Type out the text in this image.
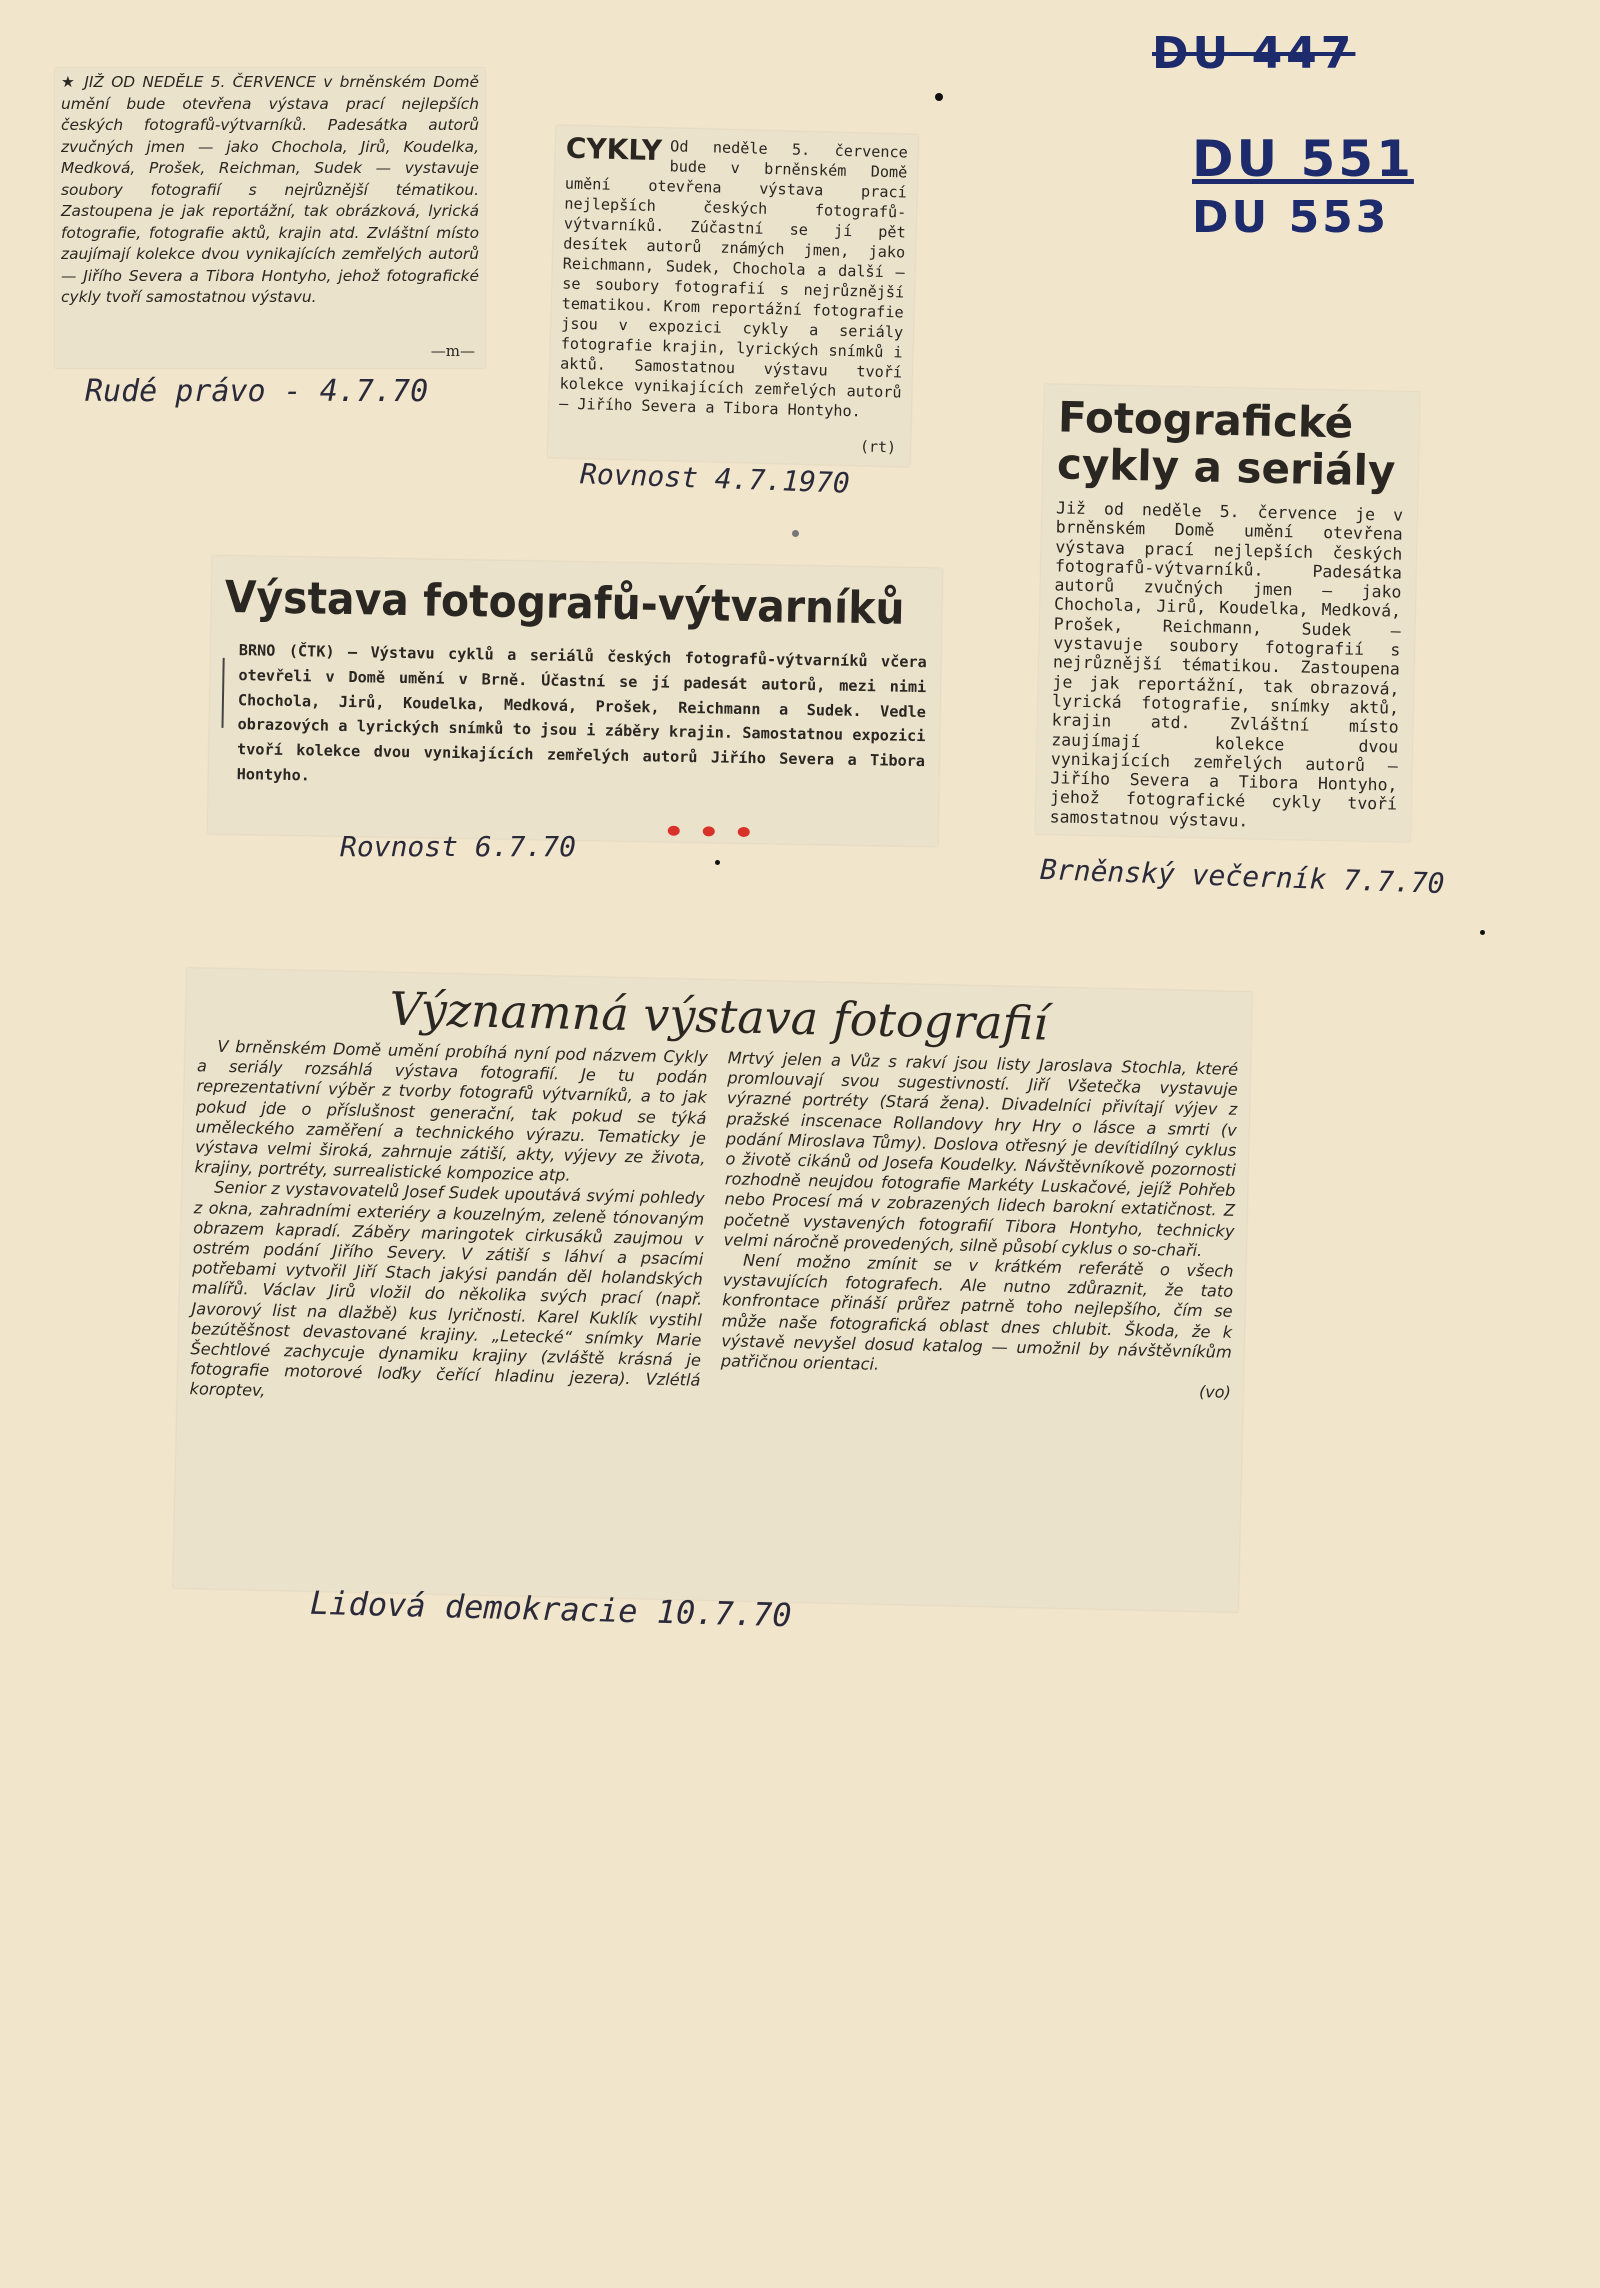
DU 447
DU 551
DU 553

★ JIŽ OD NEDĚLE 5. ČERVENCE v brněnském Domě umění bude otevřena výstava prací nejlepších českých fotografů-výtvarníků. Padesátka autorů zvučných jmen — jako Chochola, Jirů, Koudelka, Medková, Prošek, Reichman, Sudek — vystavuje soubory fotografií s nejrůznější tématikou. Zastoupena je jak reportážní, tak obrázková, lyrická fotografie, fotografie aktů, krajin atd. Zvláštní místo zaujímají kolekce dvou vynikajících zemřelých autorů — Jiřího Severa a Tibora Hontyho, jehož fotografické cykly tvoří samostatnou výstavu.

—m—
Rudé právo - 4.7.70

CYKLY Od neděle 5. července bude v brněnském Domě umění otevřena výstava prací nejlepších českých fotografů-výtvarníků. Zúčastní se jí pět desítek autorů známých jmen, jako Reichmann, Sudek, Chochola a další — se soubory fotografií s nejrůznější tematikou. Krom reportážní fotografie jsou v expozici cykly a seriály fotografie krajin, lyrických snímků i aktů. Samostatnou výstavu tvoří kolekce vynikajících zemřelých autorů — Jiřího Severa a Tibora Hontyho.

(rt)
Rovnost 4.7.1970
Fotografické
cykly a seriály

Již od neděle 5. července je v brněnském Domě umění otevřena výstava prací nejlepších českých fotografů-výtvarníků. Padesátka autorů zvučných jmen — jako Chochola, Jirů, Koudelka, Medková, Prošek, Reichmann, Sudek — vystavuje soubory fotografií s nejrůznější tématikou. Zastoupena je jak reportážní, tak obrazová, lyrická fotografie, snímky aktů, krajin atd. Zvláštní místo zaujímají kolekce dvou vynikajících zemřelých autorů — Jiřího Severa a Tibora Hontyho, jehož fotografické cykly tvoří samostatnou výstavu.

Brněnský večerník 7.7.70
Výstava fotografů-výtvarníků

BRNO (ČTK) — Výstavu cyklů a seriálů českých fotografů-výtvarníků včera otevřeli v Domě umění v Brně. Účastní se jí padesát autorů, mezi nimi Chochola, Jirů, Koudelka, Medková, Prošek, Reichmann a Sudek. Vedle obrazových a lyrických snímků to jsou i záběry krajin. Samostatnou expozici tvoří kolekce dvou vynikajících zemřelých autorů Jiřího Severa a Tibora Hontyho.

Rovnost 6.7.70
Významná výstava fotografií

V brněnském Domě umění probíhá nyní pod názvem Cykly a seriály rozsáhlá výstava fotografií. Je tu podán reprezentativní výběr z tvorby fotografů výtvarníků, a to jak pokud jde o příslušnost generační, tak pokud se týká uměleckého zaměření a technického výrazu. Tematicky je výstava velmi široká, zahrnuje zátiší, akty, výjevy ze života, krajiny, portréty, surrealistické kompozice atp.

Senior z vystavovatelů Josef Sudek upoutává svými pohledy z okna, zahradními exteriéry a kouzelným, zeleně tónovaným obrazem kapradí. Záběry maringotek cirkusáků zaujmou v ostrém podání Jiřího Severy. V zátiší s láhví a psacími potřebami vytvořil Jiří Stach jakýsi pandán děl holandských malířů. Václav Jirů vložil do několika svých prací (např. Javorový list na dlažbě) kus lyričnosti. Karel Kuklík vystihl bezútěšnost devastované krajiny. „Letecké“ snímky Marie Šechtlové zachycuje dynamiku krajiny (zvláště krásná je fotografie motorové loďky čeřící hladinu jezera). Vzlétlá koroptev,

Mrtvý jelen a Vůz s rakví jsou listy Jaroslava Stochla, které promlouvají svou sugestivností. Jiří Všetečka vystavuje výrazné portréty (Stará žena). Divadelníci přivítají výjev z pražské inscenace Rollandovy hry Hry o lásce a smrti (v podání Miroslava Tůmy). Doslova otřesný je devítidílný cyklus o životě cikánů od Josefa Koudelky. Návštěvníkově pozornosti rozhodně neujdou fotografie Markéty Luskačové, jejíž Pohřeb nebo Procesí má v zobrazených lidech barokní extatičnost. Z početně vystavených fotografií Tibora Hontyho, technicky velmi náročně provedených, silně působí cyklus o so-chaři.

Není možno zmínit se v krátkém referátě o všech vystavujících fotografech. Ale nutno zdůraznit, že tato konfrontace přináší průřez patrně toho nejlepšího, čím se může naše fotografická oblast dnes chlubit. Škoda, že k výstavě nevyšel dosud katalog — umožnil by návštěvníkům patřičnou orientaci.

(vo)
Lidová demokracie 10.7.70
